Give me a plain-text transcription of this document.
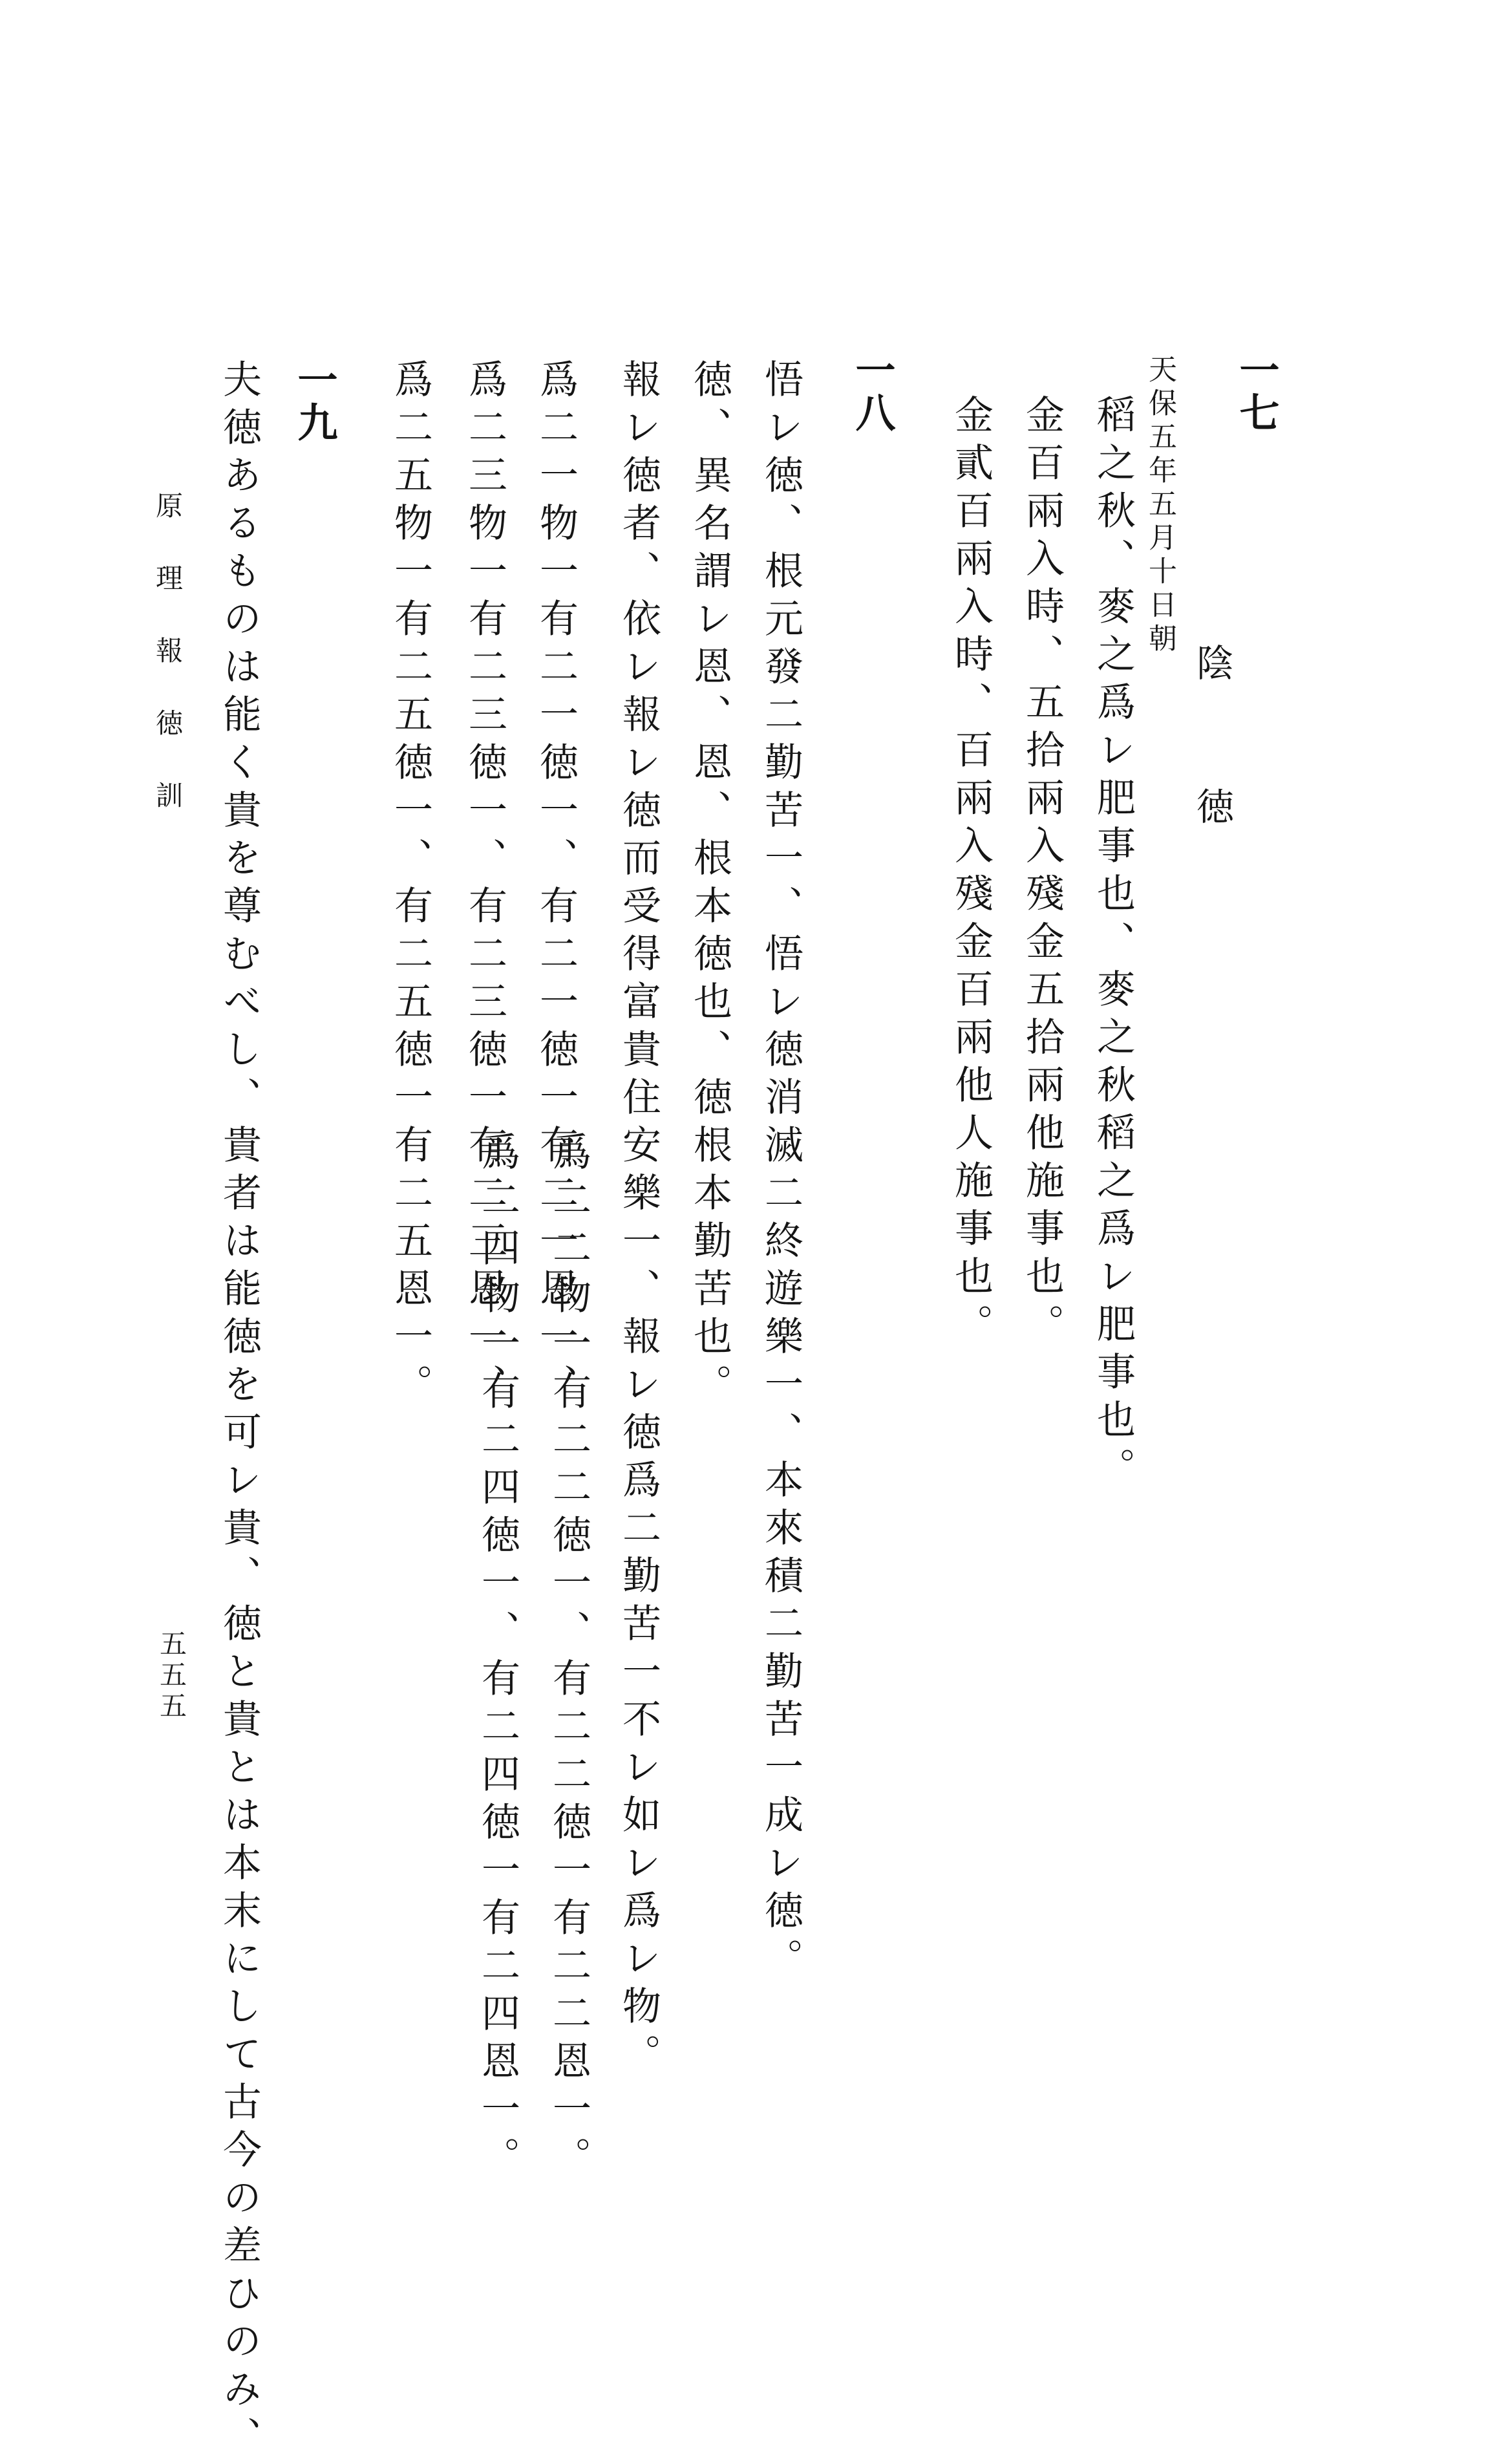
一七
陰 徳
天保五年五月十日朝
稻之秋、麥之爲レ肥事也、麥之秋稻之爲レ肥事也。
金百兩入時、五拾兩入殘金五拾兩他施事也。
金貳百兩入時、百兩入殘金百兩他人施事也。
一八
悟レ徳、根元發二勤苦一、悟レ徳消滅二終遊樂一、本來積二勤苦一成レ徳。
徳、異名謂レ恩、恩、根本徳也、徳根本勤苦也。
報レ徳者、依レ報レ徳而受得富貴住安樂一、報レ徳爲二勤苦一不レ如レ爲レ物。
爲二一物一有二一徳一、有二一徳一有二一恩一、
爲二三物一有二三徳一、有二三徳一有二三恩一、
爲二五物一有二五徳一、有二五徳一有二五恩一。
爲二二物一有二二徳一、有二二徳一有二二恩一。
爲二四物一有二四徳一、有二四徳一有二四恩一。
一九
夫徳あるものは能く貴を尊むべし、貴者は能徳を可レ貴、徳と貴とは本末にして古今の差ひのみ、
原理報徳訓
五五五
